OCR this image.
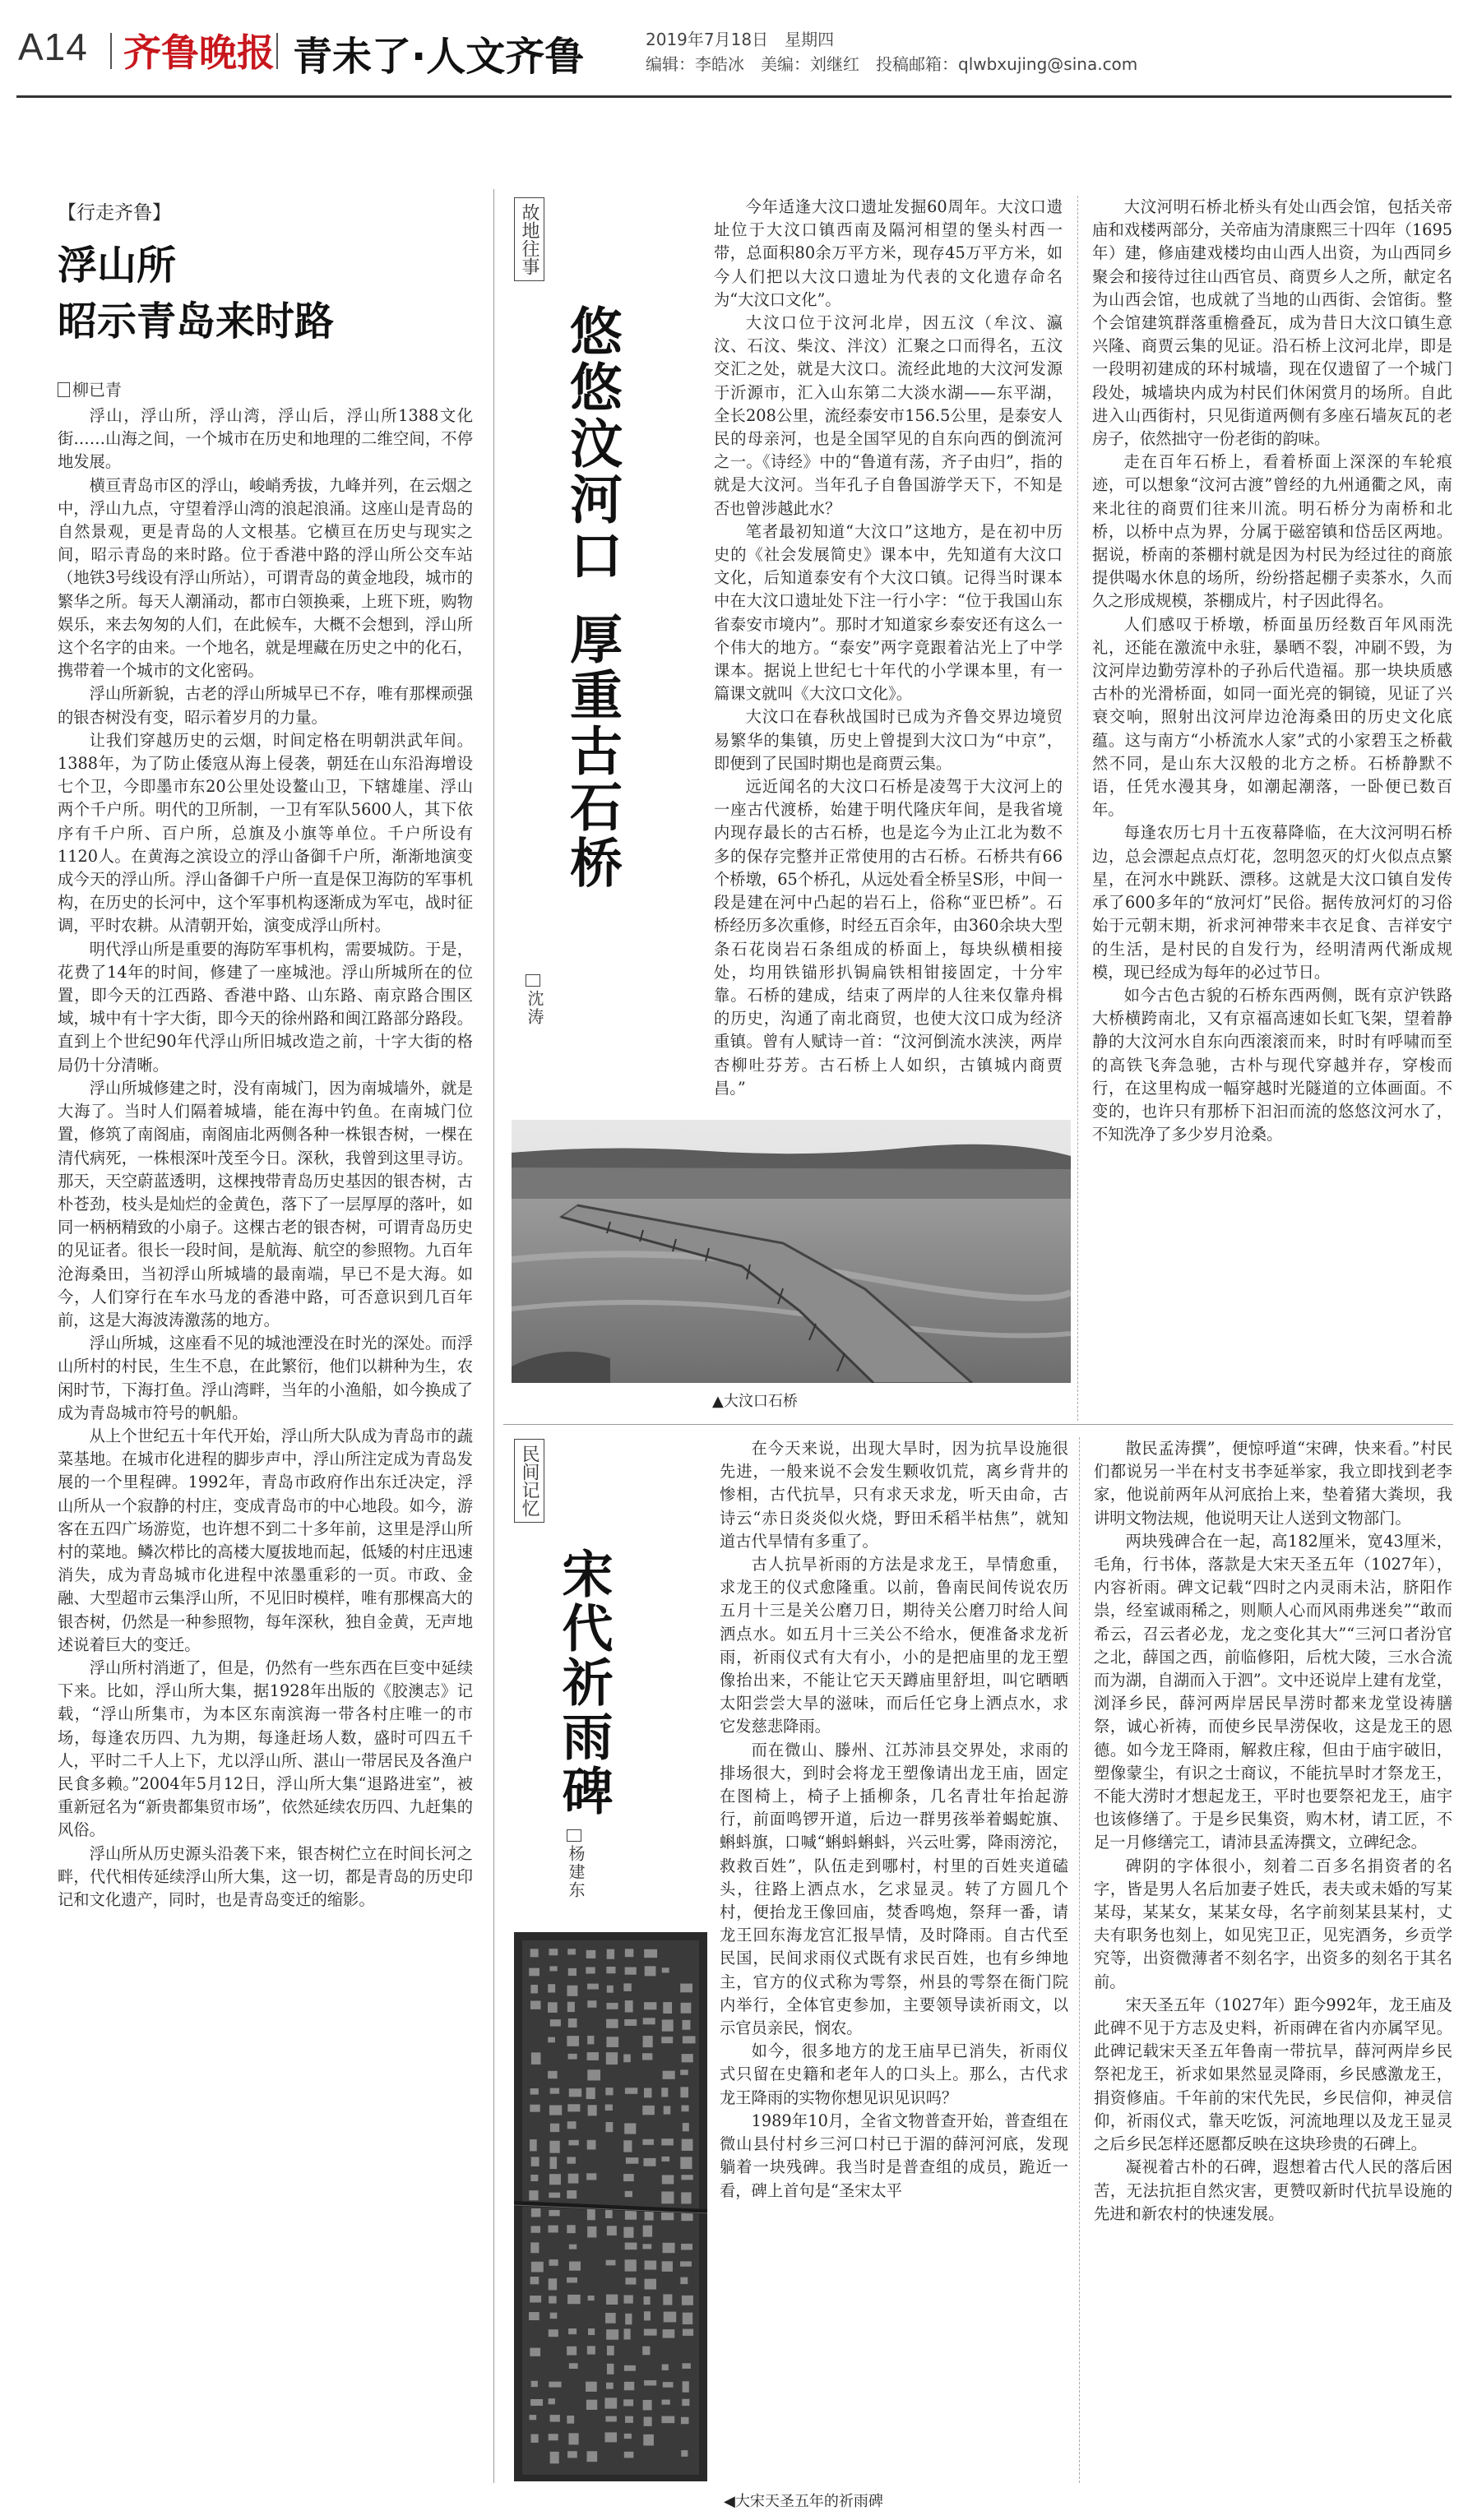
A14 齐鲁晚报 青未了·人文齐鲁	2019年7月18日　星期四
编辑：李皓冰　美编：刘继红　投稿邮箱：qlwbxujing@sina.com
【行走齐鲁】
浮山所
昭示青岛来时路
柳已青

浮山，浮山所，浮山湾，浮山后，浮山所1388文化街……山海之间，一个城市在历史和地理的二维空间，不停地发展。

横亘青岛市区的浮山，峻峭秀拔，九峰并列，在云烟之中，浮山九点，守望着浮山湾的浪起浪涌。这座山是青岛的自然景观，更是青岛的人文根基。它横亘在历史与现实之间，昭示青岛的来时路。位于香港中路的浮山所公交车站（地铁3号线设有浮山所站），可谓青岛的黄金地段，城市的繁华之所。每天人潮涌动，都市白领换乘，上班下班，购物娱乐，来去匆匆的人们，在此候车，大概不会想到，浮山所这个名字的由来。一个地名，就是埋藏在历史之中的化石，携带着一个城市的文化密码。

浮山所新貌，古老的浮山所城早已不存，唯有那棵顽强的银杏树没有变，昭示着岁月的力量。

让我们穿越历史的云烟，时间定格在明朝洪武年间。1388年，为了防止倭寇从海上侵袭，朝廷在山东沿海增设七个卫，今即墨市东20公里处设鳌山卫，下辖雄崖、浮山两个千户所。明代的卫所制，一卫有军队5600人，其下依序有千户所、百户所，总旗及小旗等单位。千户所设有1120人。在黄海之滨设立的浮山备御千户所，渐渐地演变成今天的浮山所。浮山备御千户所一直是保卫海防的军事机构，在历史的长河中，这个军事机构逐渐成为军屯，战时征调，平时农耕。从清朝开始，演变成浮山所村。

明代浮山所是重要的海防军事机构，需要城防。于是，花费了14年的时间，修建了一座城池。浮山所城所在的位置，即今天的江西路、香港中路、山东路、南京路合围区域，城中有十字大街，即今天的徐州路和闽江路部分路段。直到上个世纪90年代浮山所旧城改造之前，十字大街的格局仍十分清晰。

浮山所城修建之时，没有南城门，因为南城墙外，就是大海了。当时人们隔着城墙，能在海中钓鱼。在南城门位置，修筑了南阁庙，南阁庙北两侧各种一株银杏树，一棵在清代病死，一株根深叶茂至今日。深秋，我曾到这里寻访。那天，天空蔚蓝透明，这棵拽带青岛历史基因的银杏树，古朴苍劲，枝头是灿烂的金黄色，落下了一层厚厚的落叶，如同一柄柄精致的小扇子。这棵古老的银杏树，可谓青岛历史的见证者。很长一段时间，是航海、航空的参照物。九百年沧海桑田，当初浮山所城墙的最南端，早已不是大海。如今，人们穿行在车水马龙的香港中路，可否意识到几百年前，这是大海波涛激荡的地方。

浮山所城，这座看不见的城池湮没在时光的深处。而浮山所村的村民，生生不息，在此繁衍，他们以耕种为生，农闲时节，下海打鱼。浮山湾畔，当年的小渔船，如今换成了成为青岛城市符号的帆船。

从上个世纪五十年代开始，浮山所大队成为青岛市的蔬菜基地。在城市化进程的脚步声中，浮山所注定成为青岛发展的一个里程碑。1992年，青岛市政府作出东迁决定，浮山所从一个寂静的村庄，变成青岛市的中心地段。如今，游客在五四广场游览，也许想不到二十多年前，这里是浮山所村的菜地。鳞次栉比的高楼大厦拔地而起，低矮的村庄迅速消失，成为青岛城市化进程中浓墨重彩的一页。市政、金融、大型超市云集浮山所，不见旧时模样，唯有那棵高大的银杏树，仍然是一种参照物，每年深秋，独自金黄，无声地述说着巨大的变迁。

浮山所村消逝了，但是，仍然有一些东西在巨变中延续下来。比如，浮山所大集，据1928年出版的《胶澳志》记载，“浮山所集市，为本区东南滨海一带各村庄唯一的市场，每逢农历四、九为期，每逢赶场人数，盛时可四五千人，平时二千人上下，尤以浮山所、湛山一带居民及各渔户民食多赖。”2004年5月12日，浮山所大集“退路进室”，被重新冠名为“新贵都集贸市场”，依然延续农历四、九赶集的风俗。

浮山所从历史源头沿袭下来，银杏树伫立在时间长河之畔，代代相传延续浮山所大集，这一切，都是青岛的历史印记和文化遗产，同时，也是青岛变迁的缩影。

故地往事
悠悠汶河口厚重古石桥
沈涛

今年适逢大汶口遗址发掘60周年。大汶口遗址位于大汶口镇西南及隔河相望的堡头村西一带，总面积80余万平方米，现存45万平方米，如今人们把以大汶口遗址为代表的文化遗存命名为“大汶口文化”。

大汶口位于汶河北岸，因五汶（牟汶、瀛汶、石汶、柴汶、泮汶）汇聚之口而得名，五汶交汇之处，就是大汶口。流经此地的大汶河发源于沂源市，汇入山东第二大淡水湖——东平湖，全长208公里，流经泰安市156.5公里，是泰安人民的母亲河，也是全国罕见的自东向西的倒流河之一。《诗经》中的“鲁道有荡，齐子由归”，指的就是大汶河。当年孔子自鲁国游学天下，不知是否也曾涉越此水？

笔者最初知道“大汶口”这地方，是在初中历史的《社会发展简史》课本中，先知道有大汶口文化，后知道泰安有个大汶口镇。记得当时课本中在大汶口遗址处下注一行小字：“位于我国山东省泰安市境内”。那时才知道家乡泰安还有这么一个伟大的地方。“泰安”两字竟跟着沾光上了中学课本。据说上世纪七十年代的小学课本里，有一篇课文就叫《大汶口文化》。

大汶口在春秋战国时已成为齐鲁交界边境贸易繁华的集镇，历史上曾提到大汶口为“中京”，即便到了民国时期也是商贾云集。

远近闻名的大汶口石桥是凌驾于大汶河上的一座古代渡桥，始建于明代隆庆年间，是我省境内现存最长的古石桥，也是迄今为止江北为数不多的保存完整并正常使用的古石桥。石桥共有66个桥墩，65个桥孔，从远处看全桥呈S形，中间一段是建在河中凸起的岩石上，俗称“亚巴桥”。石桥经历多次重修，时经五百余年，由360余块大型条石花岗岩石条组成的桥面上，每块纵横相接处，均用铁锚形扒锔扁铁相钳接固定，十分牢靠。石桥的建成，结束了两岸的人往来仅靠舟楫的历史，沟通了南北商贸，也使大汶口成为经济重镇。曾有人赋诗一首：“汶河倒流水浃浃，两岸杏柳吐芬芳。古石桥上人如织，古镇城内商贾昌。”

大汶河明石桥北桥头有处山西会馆，包括关帝庙和戏楼两部分，关帝庙为清康熙三十四年（1695年）建，修庙建戏楼均由山西人出资，为山西同乡聚会和接待过往山西官员、商贾乡人之所，献定名为山西会馆，也成就了当地的山西街、会馆街。整个会馆建筑群落重檐叠瓦，成为昔日大汶口镇生意兴隆、商贾云集的见证。沿石桥上汶河北岸，即是一段明初建成的环村城墙，现在仅遗留了一个城门段处，城墙块内成为村民们休闲赏月的场所。自此进入山西街村，只见街道两侧有多座石墙灰瓦的老房子，依然拙守一份老街的韵味。

走在百年石桥上，看着桥面上深深的车轮痕迹，可以想象“汶河古渡”曾经的九州通衢之风，南来北往的商贾们往来川流。明石桥分为南桥和北桥，以桥中点为界，分属于磁窑镇和岱岳区两地。据说，桥南的茶棚村就是因为村民为经过往的商旅提供喝水休息的场所，纷纷搭起棚子卖茶水，久而久之形成规模，茶棚成片，村子因此得名。

人们感叹于桥墩，桥面虽历经数百年风雨洗礼，还能在激流中永驻，暴晒不裂，冲刷不毁，为汶河岸边勤劳淳朴的子孙后代造福。那一块块质感古朴的光滑桥面，如同一面光亮的铜镜，见证了兴衰交响，照射出汶河岸边沧海桑田的历史文化底蕴。这与南方“小桥流水人家”式的小家碧玉之桥截然不同，是山东大汉般的北方之桥。石桥静默不语，任凭水漫其身，如潮起潮落，一卧便已数百年。

每逢农历七月十五夜幕降临，在大汶河明石桥边，总会漂起点点灯花，忽明忽灭的灯火似点点繁星，在河水中跳跃、漂移。这就是大汶口镇自发传承了600多年的“放河灯”民俗。据传放河灯的习俗始于元朝末期，祈求河神带来丰衣足食、吉祥安宁的生活，是村民的自发行为，经明清两代渐成规模，现已经成为每年的必过节日。

如今古色古貌的石桥东西两侧，既有京沪铁路大桥横跨南北，又有京福高速如长虹飞架，望着静静的大汶河水自东向西滚滚而来，时时有呼啸而至的高铁飞奔急驰，古朴与现代穿越并存，穿梭而行，在这里构成一幅穿越时光隧道的立体画面。不变的，也许只有那桥下汩汩而流的悠悠汶河水了，不知洗净了多少岁月沧桑。

▲大汶口石桥
民间记忆
宋代祈雨碑
杨建东

在今天来说，出现大旱时，因为抗旱设施很先进，一般来说不会发生颗收饥荒，离乡背井的惨相，古代抗旱，只有求天求龙，听天由命，古诗云“赤日炎炎似火烧，野田禾稻半枯焦”，就知道古代旱情有多重了。

古人抗旱祈雨的方法是求龙王，旱情愈重，求龙王的仪式愈隆重。以前，鲁南民间传说农历五月十三是关公磨刀日，期待关公磨刀时给人间洒点水。如五月十三关公不给水，便准备求龙祈雨，祈雨仪式有大有小，小的是把庙里的龙王塑像抬出来，不能让它天天蹲庙里舒坦，叫它晒晒太阳尝尝大旱的滋味，而后任它身上洒点水，求它发慈悲降雨。

而在微山、滕州、江苏沛县交界处，求雨的排场很大，到时会将龙王塑像请出龙王庙，固定在图椅上，椅子上插柳条，几名青壮年抬起游行，前面鸣锣开道，后边一群男孩举着蝎蛇旗、蝌蚪旗，口喊“蝌蚪蝌蚪，兴云吐雾，降雨滂沱，救救百姓”，队伍走到哪村，村里的百姓夹道磕头，往路上洒点水，乞求显灵。转了方圆几个村，便抬龙王像回庙，焚香鸣炮，祭拜一番，请龙王回东海龙宫汇报旱情，及时降雨。自古代至民国，民间求雨仪式既有求民百姓，也有乡绅地主，官方的仪式称为雩祭，州县的雩祭在衙门院内举行，全体官吏参加，主要领导读祈雨文，以示官员亲民，悯农。

如今，很多地方的龙王庙早已消失，祈雨仪式只留在史籍和老年人的口头上。那么，古代求龙王降雨的实物你想见识见识吗？

1989年10月，全省文物普查开始，普查组在微山县付村乡三河口村已于湄的薛河河底，发现躺着一块残碑。我当时是普查组的成员，跪近一看，碑上首句是“圣宋太平

散民孟涛撰”，便惊呼道“宋碑，快来看。”村民们都说另一半在村支书李延举家，我立即找到老李家，他说前两年从河底抬上来，垫着猪大粪坝，我讲明文物法规，他说明天让人送到文物部门。

两块残碑合在一起，高182厘米，宽43厘米，毛角，行书体，落款是大宋天圣五年（1027年），内容祈雨。碑文记载“四时之内灵雨未沾，脐阳作祟，经室诚雨稀之，则顺人心而风雨弗迷矣”“敢而希云，召云者必龙，龙之变化其大”“三河口者汾官之北，薛国之西，前临修阳，后枕大陵，三水合流而为湖，自湖而入于泗”。文中还说岸上建有龙堂，浏泽乡民，薛河两岸居民旱涝时都来龙堂设祷膳祭，诚心祈祷，而使乡民旱涝保收，这是龙王的恩德。如今龙王降雨，解救庄稼，但由于庙宇破旧，塑像蒙尘，有识之士商议，不能抗旱时才祭龙王，不能大涝时才想起龙王，平时也要祭祀龙王，庙宇也该修缮了。于是乡民集资，购木材，请工匠，不足一月修缮完工，请沛县孟涛撰文，立碑纪念。

碑阴的字体很小，刻着二百多名捐资者的名字，皆是男人名后加妻子姓氏，表夫或未婚的写某某母，某某女，某某女母，名字前刻某县某村，丈夫有职务也刻上，如见宪卫正，见宪酒务，乡贡学究等，出资微薄者不刻名字，出资多的刻名于其名前。

宋天圣五年（1027年）距今992年，龙王庙及此碑不见于方志及史料，祈雨碑在省内亦属罕见。此碑记载宋天圣五年鲁南一带抗旱，薛河两岸乡民祭祀龙王，祈求如果然显灵降雨，乡民感激龙王，捐资修庙。千年前的宋代先民，乡民信仰，神灵信仰，祈雨仪式，靠天吃饭，河流地理以及龙王显灵之后乡民怎样还愿都反映在这块珍贵的石碑上。

凝视着古朴的石碑，遐想着古代人民的落后困苦，无法抗拒自然灾害，更赞叹新时代抗旱设施的先进和新农村的快速发展。

◀大宋天圣五年的祈雨碑
